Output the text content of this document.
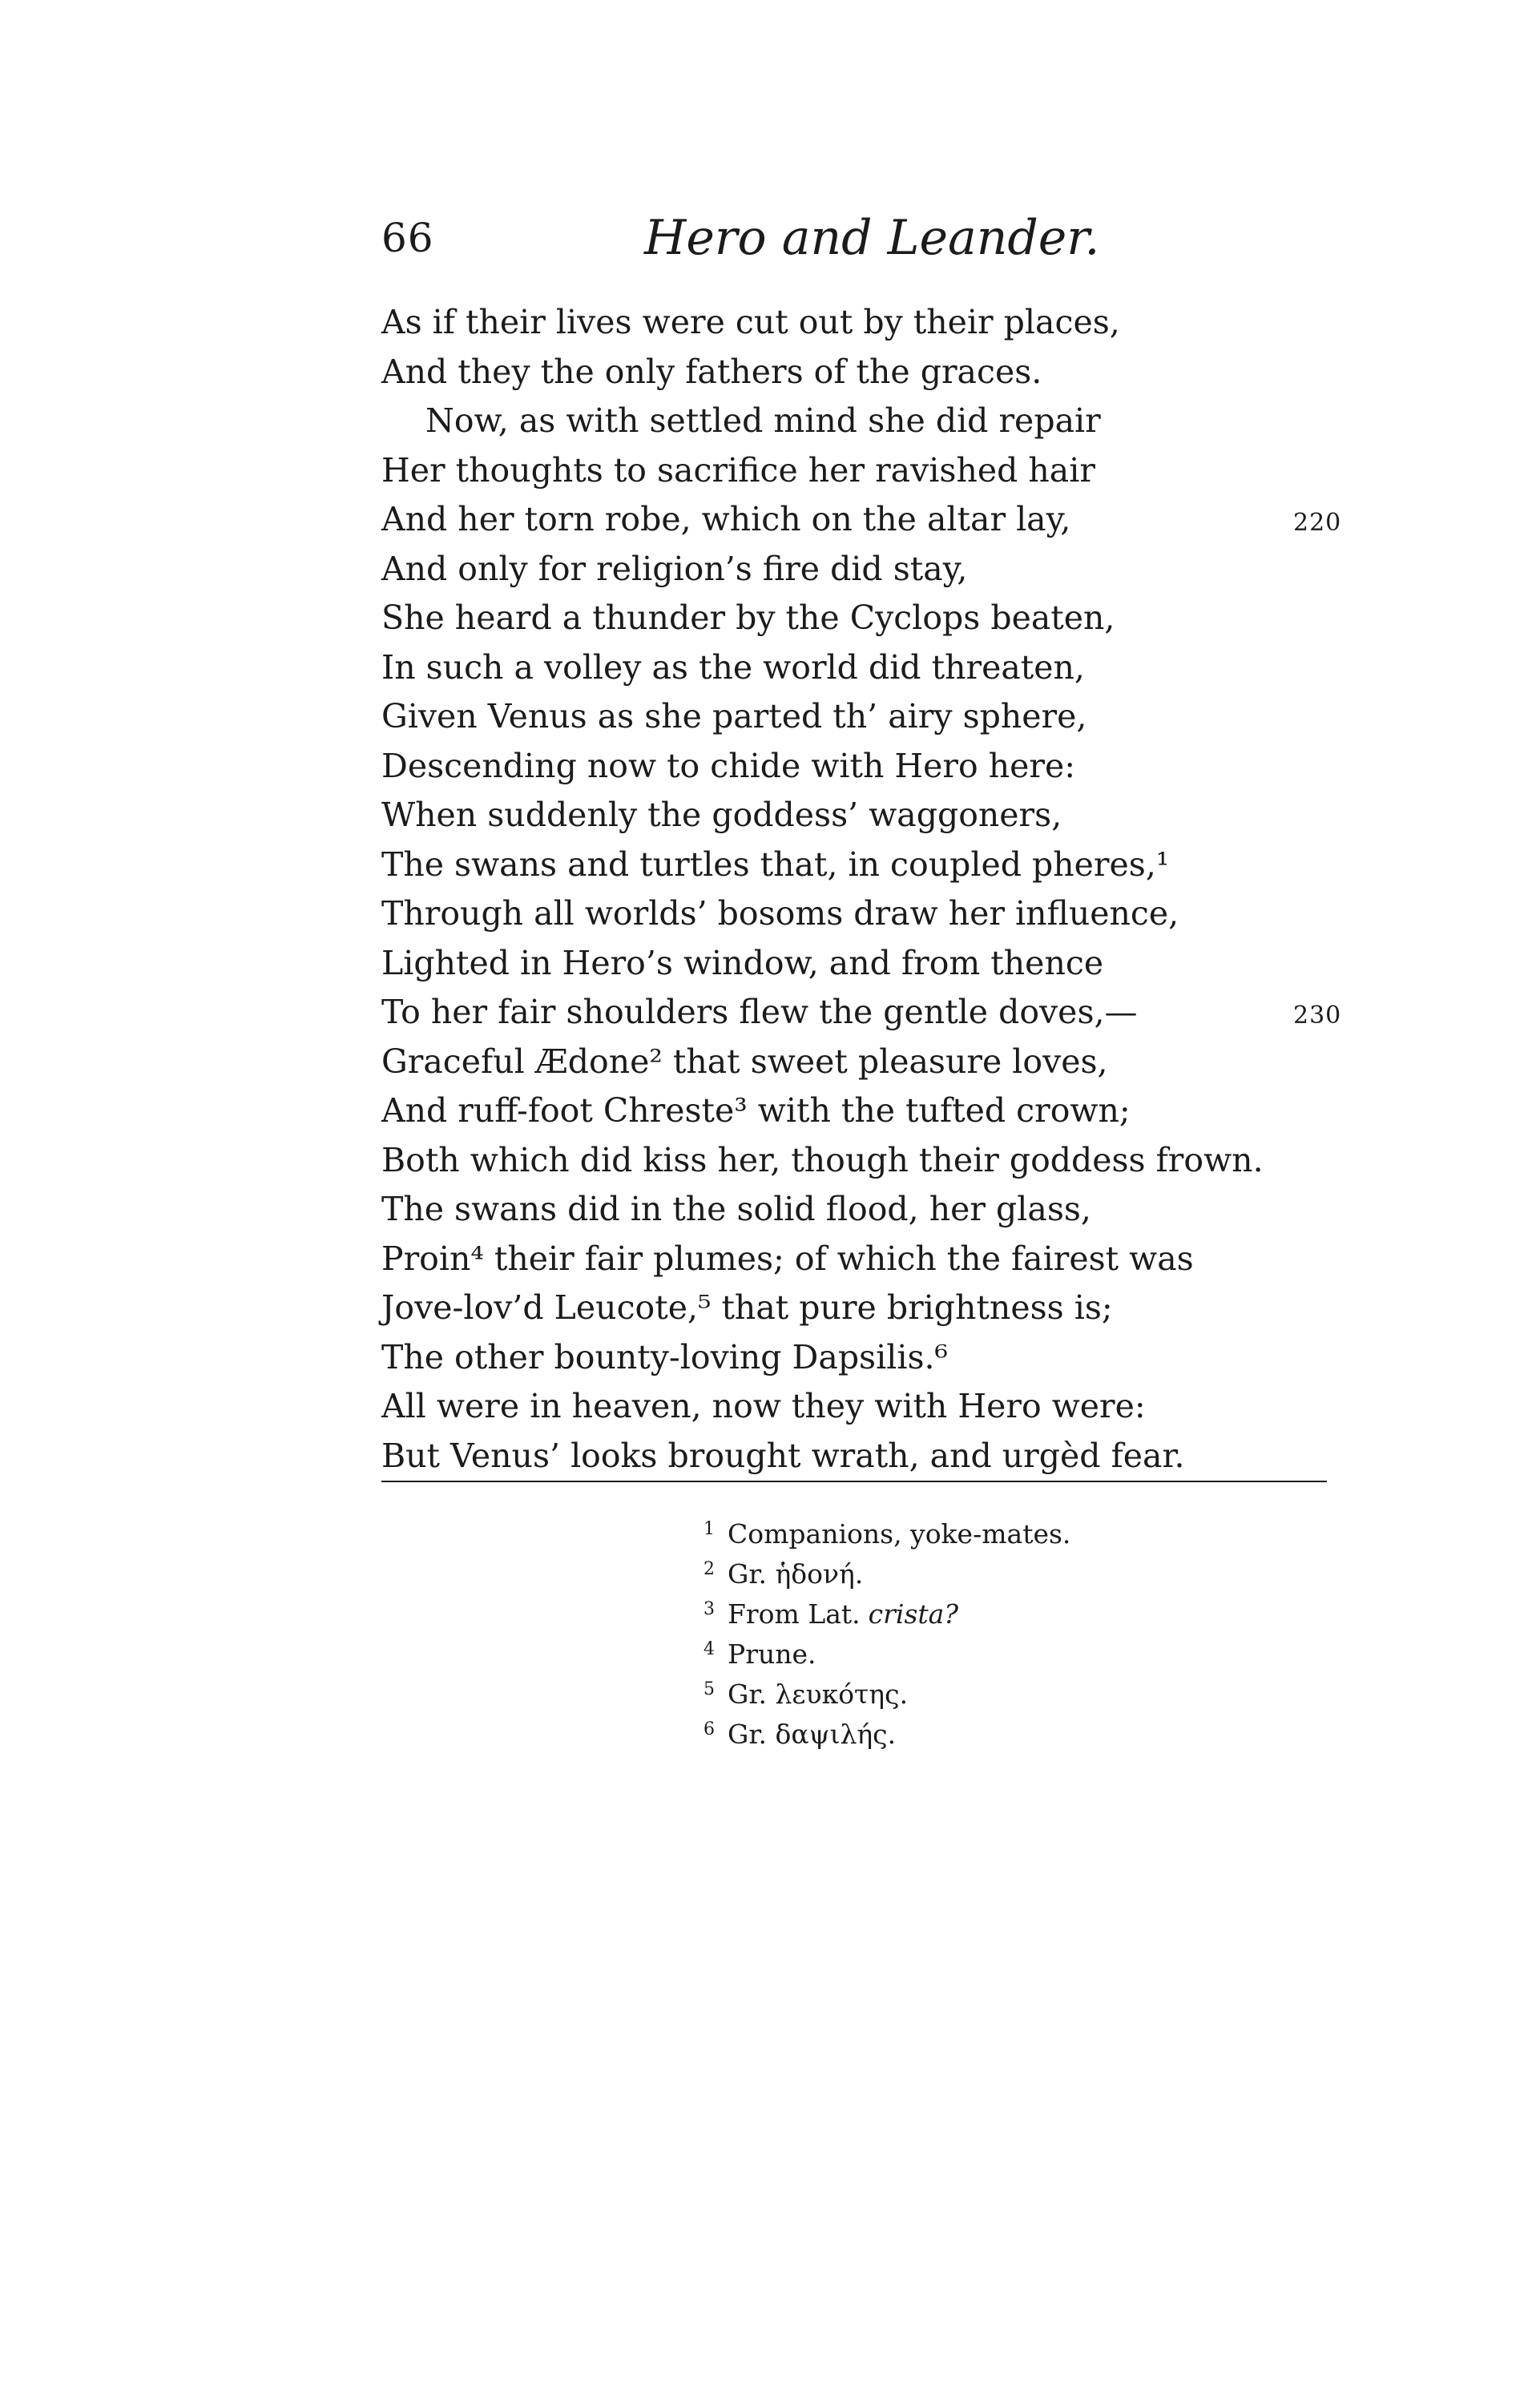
66	Hero and Leander.
As if their lives were cut out by their places,
And they the only fathers of the graces.
Now, as with settled mind she did repair
Her thoughts to sacrifice her ravished hair
And her torn robe, which on the altar lay,	220
And only for religion’s fire did stay,
She heard a thunder by the Cyclops beaten,
In such a volley as the world did threaten,
Given Venus as she parted th’ airy sphere,
Descending now to chide with Hero here:
When suddenly the goddess’ waggoners,
The swans and turtles that, in coupled pheres,¹
Through all worlds’ bosoms draw her influence,
Lighted in Hero’s window, and from thence
To her fair shoulders flew the gentle doves,—	230
Graceful Ædone² that sweet pleasure loves,
And ruff-foot Chreste³ with the tufted crown;
Both which did kiss her, though their goddess frown.
The swans did in the solid flood, her glass,
Proin⁴ their fair plumes; of which the fairest was
Jove-lov’d Leucote,⁵ that pure brightness is;
The other bounty-loving Dapsilis.⁶
All were in heaven, now they with Hero were:
But Venus’ looks brought wrath, and urgèd fear.
1 Companions, yoke-mates.
2 Gr. ἡδονή.
3 From Lat. crista?
4 Prune.
5 Gr. λευκότης.
6 Gr. δαψιλής.
